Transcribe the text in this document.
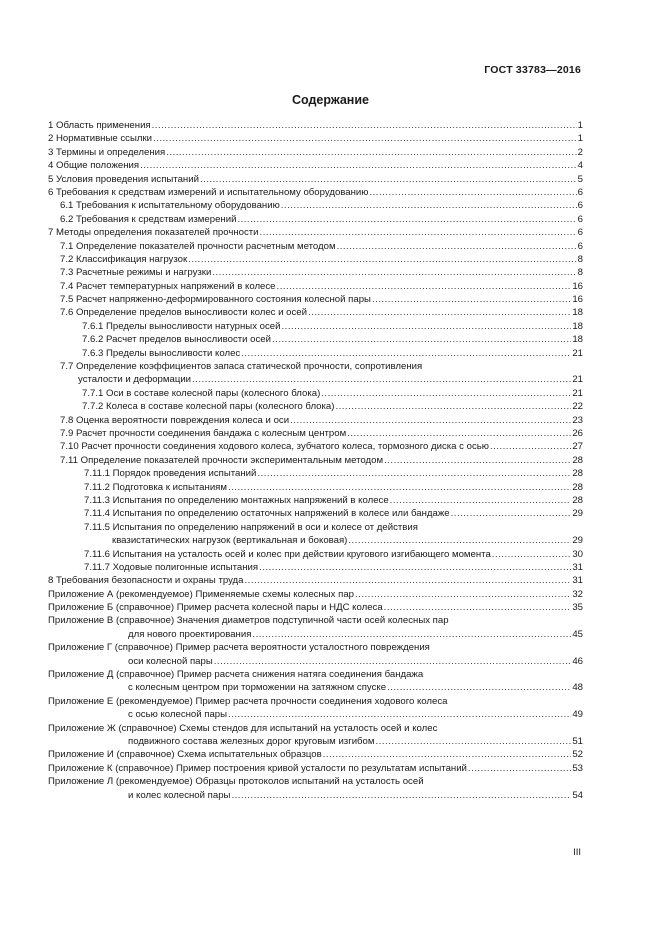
ГОСТ 33783—2016
Содержание
1 Область применения .....	1
2 Нормативные ссылки .....	1
3 Термины и определения .....	2
4 Общие положения .....	4
5 Условия проведения испытаний .....	5
6 Требования к средствам измерений и испытательному оборудованию .....	6
6.1 Требования к испытательному оборудованию .....	6
6.2 Требования к средствам измерений .....	6
7 Методы определения показателей прочности .....	6
7.1 Определение показателей прочности расчетным методом .....	6
7.2 Классификация нагрузок .....	8
7.3 Расчетные режимы и нагрузки .....	8
7.4 Расчет температурных напряжений в колесе .....	16
7.5 Расчет напряженно-деформированного состояния колесной пары .....	16
7.6 Определение пределов выносливости колес и осей .....	18
7.6.1 Пределы выносливости натурных осей .....	18
7.6.2 Расчет пределов выносливости осей .....	18
7.6.3 Пределы выносливости колес .....	21
7.7 Определение коэффициентов запаса статической прочности, сопротивления
усталости и деформации .....	21
7.7.1 Оси в составе колесной пары (колесного блока) .....	21
7.7.2 Колеса в составе колесной пары (колесного блока) .....	22
7.8 Оценка вероятности повреждения колеса и оси .....	23
7.9 Расчет прочности соединения бандажа с колесным центром .....	26
7.10 Расчет прочности соединения ходового колеса, зубчатого колеса, тормозного диска с осью .....	27
7.11 Определение показателей прочности экспериментальным методом .....	28
7.11.1 Порядок проведения испытаний .....	28
7.11.2 Подготовка к испытаниям .....	28
7.11.3 Испытания по определению монтажных напряжений в колесе .....	28
7.11.4 Испытания по определению остаточных напряжений в колесе или бандаже .....	29
7.11.5 Испытания по определению напряжений в оси и колесе от действия
квазистатических нагрузок (вертикальная и боковая) .....	29
7.11.6 Испытания на усталость осей и колес при действии кругового изгибающего момента .....	30
7.11.7 Ходовые полигонные испытания .....	31
8 Требования безопасности и охраны труда .....	31
Приложение А (рекомендуемое) Применяемые схемы колесных пар .....	32
Приложение Б (справочное) Пример расчета колесной пары и НДС колеса .....	35
Приложение В (справочное) Значения диаметров подступичной части осей колесных пар
для нового проектирования .....	45
Приложение Г (справочное) Пример расчета вероятности усталостного повреждения
оси колесной пары .....	46
Приложение Д (справочное) Пример расчета снижения натяга соединения бандажа
с колесным центром при торможении на затяжном спуске .....	48
Приложение Е (рекомендуемое) Пример расчета прочности соединения ходового колеса
с осью колесной пары .....	49
Приложение Ж (справочное) Схемы стендов для испытаний на усталость осей и колес
подвижного состава железных дорог круговым изгибом .....	51
Приложение И (справочное) Схема испытательных образцов .....	52
Приложение К (справочное) Пример построения кривой усталости по результатам испытаний .....	53
Приложение Л (рекомендуемое) Образцы протоколов испытаний на усталость осей
и колес колесной пары .....	54
III
